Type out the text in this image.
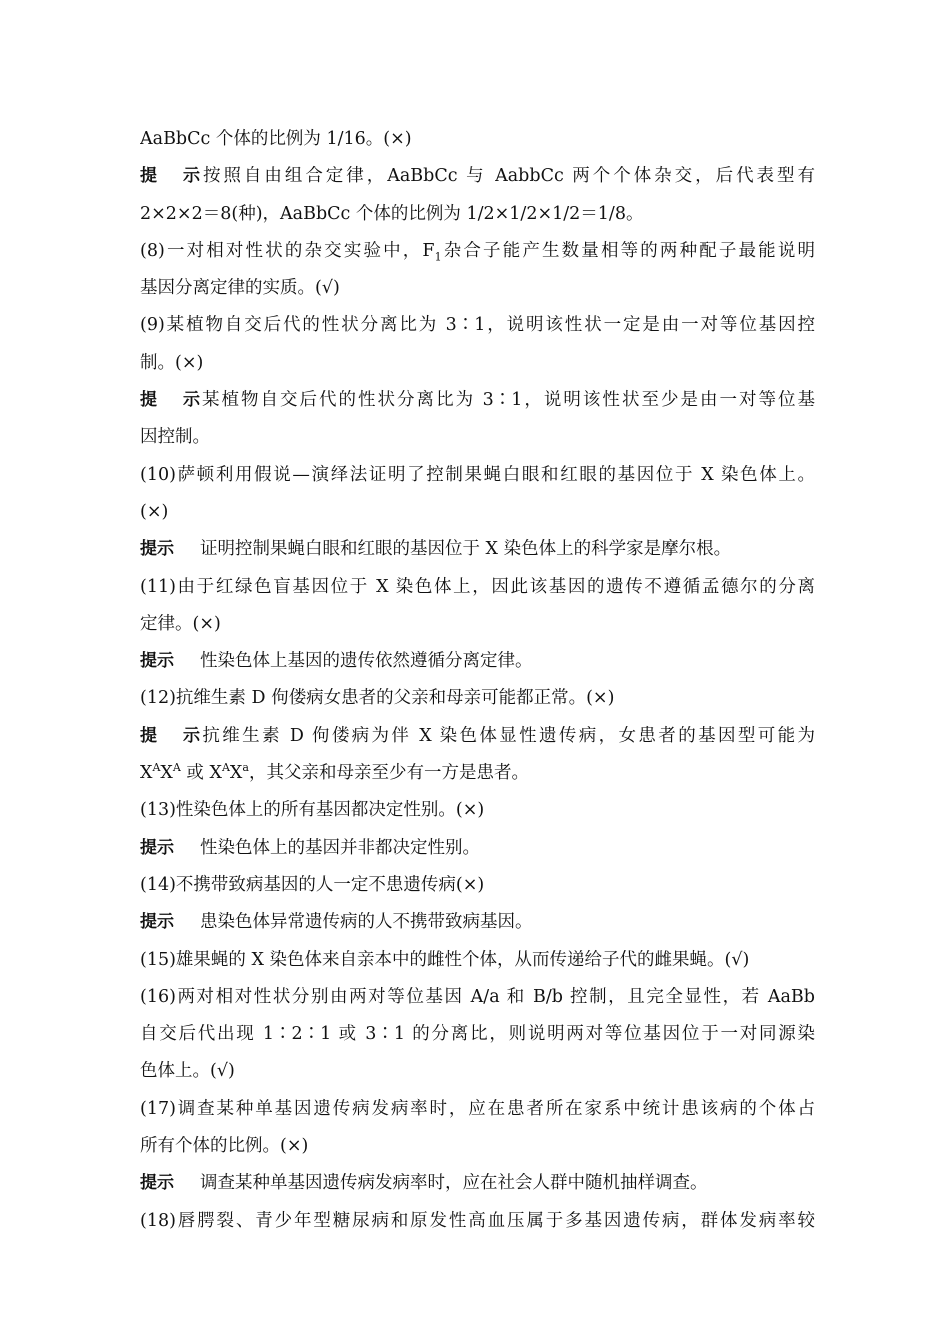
AaBbCc 个体的比例为 1/16。(×)
提示按照自由组合定律，AaBbCc 与 AabbCc 两个个体杂交，后代表型有
2×2×2＝8(种)，AaBbCc 个体的比例为 1/2×1/2×1/2＝1/8。
(8)一对相对性状的杂交实验中，$F_1$杂合子能产生数量相等的两种配子最能说明
基因分离定律的实质。(√)
(9)某植物自交后代的性状分离比为 3∶1，说明该性状一定是由一对等位基因控
制。(×)
提示某植物自交后代的性状分离比为 3∶1，说明该性状至少是由一对等位基
因控制。
(10)萨顿利用假说—演绎法证明了控制果蝇白眼和红眼的基因位于 X 染色体上。
(×)
提示 证明控制果蝇白眼和红眼的基因位于 X 染色体上的科学家是摩尔根。
(11)由于红绿色盲基因位于 X 染色体上，因此该基因的遗传不遵循孟德尔的分离
定律。(×)
提示 性染色体上基因的遗传依然遵循分离定律。
(12)抗维生素 D 佝偻病女患者的父亲和母亲可能都正常。(×)
提示抗维生素 D 佝偻病为伴 X 染色体显性遗传病，女患者的基因型可能为
$X^AX^A$ 或 $X^AX^a$，其父亲和母亲至少有一方是患者。
(13)性染色体上的所有基因都决定性别。(×)
提示 性染色体上的基因并非都决定性别。
(14)不携带致病基因的人一定不患遗传病(×)
提示 患染色体异常遗传病的人不携带致病基因。
(15)雄果蝇的 X 染色体来自亲本中的雌性个体，从而传递给子代的雌果蝇。(√)
(16)两对相对性状分别由两对等位基因 A/a 和 B/b 控制，且完全显性，若 AaBb
自交后代出现 1∶2∶1 或 3∶1 的分离比，则说明两对等位基因位于一对同源染
色体上。(√)
(17)调查某种单基因遗传病发病率时，应在患者所在家系中统计患该病的个体占
所有个体的比例。(×)
提示 调查某种单基因遗传病发病率时，应在社会人群中随机抽样调查。
(18)唇腭裂、青少年型糖尿病和原发性高血压属于多基因遗传病，群体发病率较
